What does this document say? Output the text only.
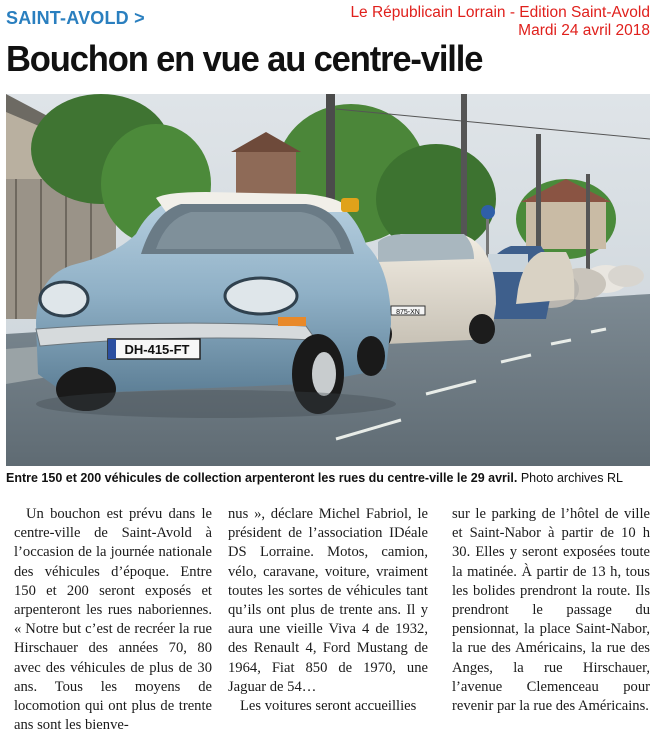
SAINT-AVOLD >	Le Républicain Lorrain - Edition Saint-Avold
Mardi 24 avril 2018
Bouchon en vue au centre-ville
875-XN
DH-415-FT
Entre 150 et 200 véhicules de collection arpenteront les rues du centre-ville le 29 avril. Photo archives RL

Un bouchon est prévu dans le centre-ville de Saint-Avold à l’occasion de la journée nationale des véhicules d’époque. Entre 150 et 200 seront exposés et arpenteront les rues naboriennes. « Notre but c’est de recréer la rue Hirschauer des années 70, 80 avec des véhicules de plus de 30 ans. Tous les moyens de locomotion qui ont plus de trente ans sont les bienve-

nus », déclare Michel Fabriol, le président de l’association IDéale DS Lorraine. Motos, camion, vélo, caravane, voiture, vraiment toutes les sortes de véhicules tant qu’ils ont plus de trente ans. Il y aura une vieille Viva 4 de 1932, des Renault 4, Ford Mustang de 1964, Fiat 850 de 1970, une Jaguar de 54…

Les voitures seront accueillies

sur le parking de l’hôtel de ville et Saint-Nabor à partir de 10 h 30. Elles y seront exposées toute la matinée. À partir de 13 h, tous les bolides prendront la route. Ils prendront le passage du pensionnat, la place Saint-Nabor, la rue des Américains, la rue des Anges, la rue Hirschauer, l’avenue Clemenceau pour revenir par la rue des Américains.
